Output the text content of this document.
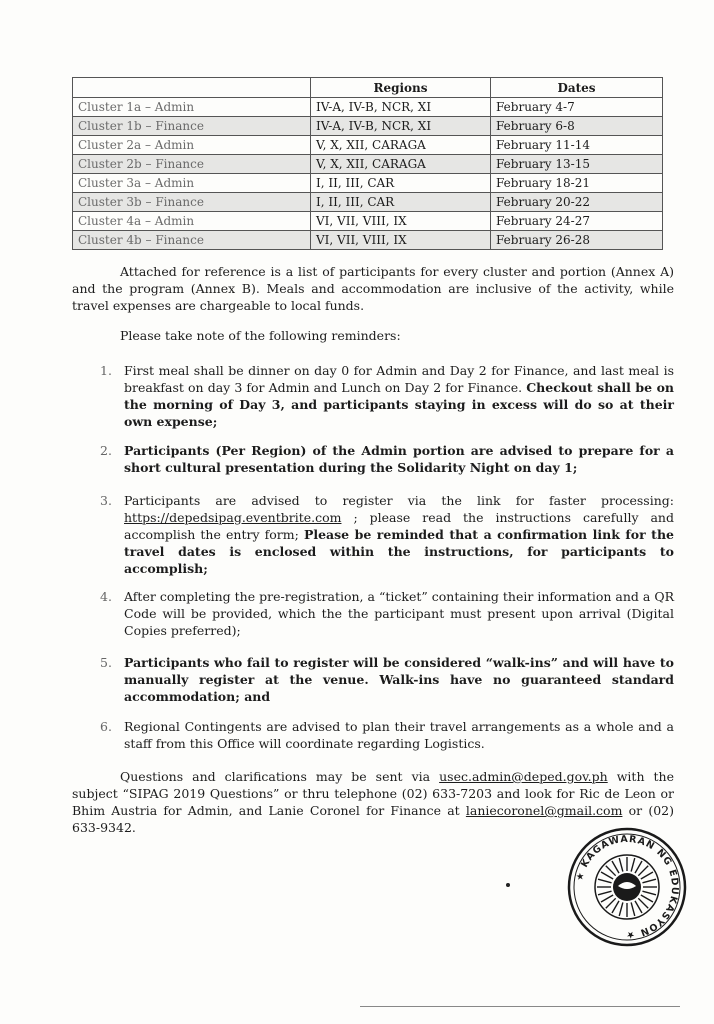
	Regions	Dates
Cluster 1a – Admin	IV-A, IV-B, NCR, XI	February 4-7
Cluster 1b – Finance	IV-A, IV-B, NCR, XI	February 6-8
Cluster 2a – Admin	V, X, XII, CARAGA	February 11-14
Cluster 2b – Finance	V, X, XII, CARAGA	February 13-15
Cluster 3a – Admin	I, II, III, CAR	February 18-21
Cluster 3b – Finance	I, II, III, CAR	February 20-22
Cluster 4a – Admin	VI, VII, VIII, IX	February 24-27
Cluster 4b – Finance	VI, VII, VIII, IX	February 26-28
Attached for reference is a list of participants for every cluster and portion (Annex A) and the program (Annex B). Meals and accommodation are inclusive of the activity, while travel expenses are chargeable to local funds.
Please take note of the following reminders:
1. First meal shall be dinner on day 0 for Admin and Day 2 for Finance, and last meal is breakfast on day 3 for Admin and Lunch on Day 2 for Finance. Checkout shall be on the morning of Day 3, and participants staying in excess will do so at their own expense;
2. Participants (Per Region) of the Admin portion are advised to prepare for a short cultural presentation during the Solidarity Night on day 1;
3. Participants are advised to register via the link for faster processing: https://depedsipag.eventbrite.com ; please read the instructions carefully and accomplish the entry form; Please be reminded that a confirmation link for the travel dates is enclosed within the instructions, for participants to accomplish;
4. After completing the pre-registration, a “ticket” containing their information and a QR Code will be provided, which the the participant must present upon arrival (Digital Copies preferred);
5. Participants who fail to register will be considered “walk-ins” and will have to manually register at the venue. Walk-ins have no guaranteed standard accommodation; and
6. Regional Contingents are advised to plan their travel arrangements as a whole and a staff from this Office will coordinate regarding Logistics.
Questions and clarifications may be sent via usec.admin@deped.gov.ph with the subject “SIPAG 2019 Questions” or thru telephone (02) 633-7203 and look for Ric de Leon or Bhim Austria for Admin, and Lanie Coronel for Finance at laniecoronel@gmail.com or (02) 633-9342.
★ KAGAWARAN NG EDUKASYON ★
